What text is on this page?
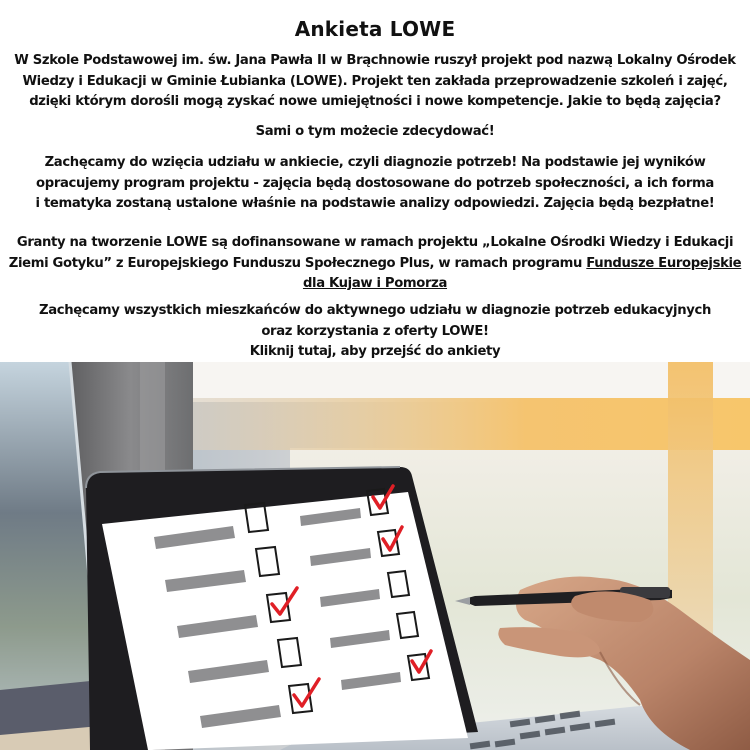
Ankieta LOWE
W Szkole Podstawowej im. św. Jana Pawła II w Brąchnowie ruszył projekt pod nazwą Lokalny Ośrodek
Wiedzy i Edukacji w Gminie Łubianka (LOWE). Projekt ten zakłada przeprowadzenie szkoleń i zajęć,
dzięki którym dorośli mogą zyskać nowe umiejętności i nowe kompetencje. Jakie to będą zajęcia?
Sami o tym możecie zdecydować!
Zachęcamy do wzięcia udziału w ankiecie, czyli diagnozie potrzeb! Na podstawie jej wyników
opracujemy program projektu - zajęcia będą dostosowane do potrzeb społeczności, a ich forma
i tematyka zostaną ustalone właśnie na podstawie analizy odpowiedzi. Zajęcia będą bezpłatne!
Granty na tworzenie LOWE są dofinansowane w ramach projektu „Lokalne Ośrodki Wiedzy i Edukacji
Ziemi Gotyku” z Europejskiego Funduszu Społecznego Plus, w ramach programu Fundusze Europejskie
dla Kujaw i Pomorza
Zachęcamy wszystkich mieszkańców do aktywnego udziału w diagnozie potrzeb edukacyjnych
oraz korzystania z oferty LOWE!
Kliknij tutaj, aby przejść do ankiety
